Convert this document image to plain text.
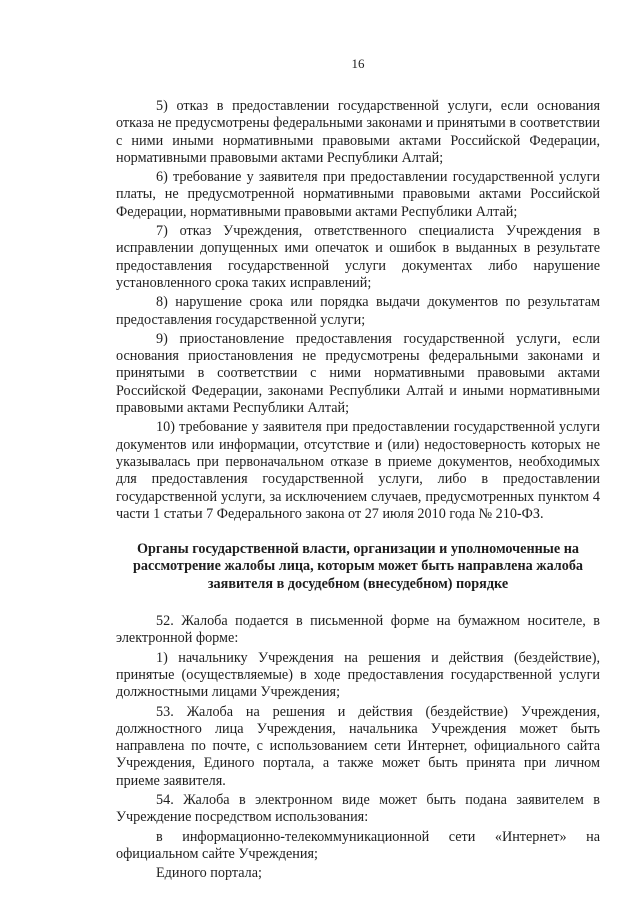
16

5) отказ в предоставлении государственной услуги, если основания отказа не предусмотрены федеральными законами и принятыми в соответствии с ними иными нормативными правовыми актами Российской Федерации, нормативными правовыми актами Республики Алтай;

6) требование у заявителя при предоставлении государственной услуги платы, не предусмотренной нормативными правовыми актами Российской Федерации, нормативными правовыми актами Республики Алтай;

7) отказ Учреждения, ответственного специалиста Учреждения в исправлении допущенных ими опечаток и ошибок в выданных в результате предоставления государственной услуги документах либо нарушение установленного срока таких исправлений;

8) нарушение срока или порядка выдачи документов по результатам предоставления государственной услуги;

9) приостановление предоставления государственной услуги, если основания приостановления не предусмотрены федеральными законами и принятыми в соответствии с ними нормативными правовыми актами Российской Федерации, законами Республики Алтай и иными нормативными правовыми актами Республики Алтай;

10) требование у заявителя при предоставлении государственной услуги документов или информации, отсутствие и (или) недостоверность которых не указывалась при первоначальном отказе в приеме документов, необходимых для предоставления государственной услуги, либо в предоставлении государственной услуги, за исключением случаев, предусмотренных пунктом 4 части 1 статьи 7 Федерального закона от 27 июля 2010 года № 210-ФЗ.

Органы государственной власти, организации и уполномоченные на
рассмотрение жалобы лица, которым может быть направлена жалоба
заявителя в досудебном (внесудебном) порядке

52. Жалоба подается в письменной форме на бумажном носителе, в электронной форме:

1) начальнику Учреждения на решения и действия (бездействие), принятые (осуществляемые) в ходе предоставления государственной услуги должностными лицами Учреждения;

53. Жалоба на решения и действия (бездействие) Учреждения, должностного лица Учреждения, начальника Учреждения может быть направлена по почте, с использованием сети Интернет, официального сайта Учреждения, Единого портала, а также может быть принята при личном приеме заявителя.

54. Жалоба в электронном виде может быть подана заявителем в Учреждение посредством использования:

в информационно-телекоммуникационной сети «Интернет» на официальном сайте Учреждения;

Единого портала;
